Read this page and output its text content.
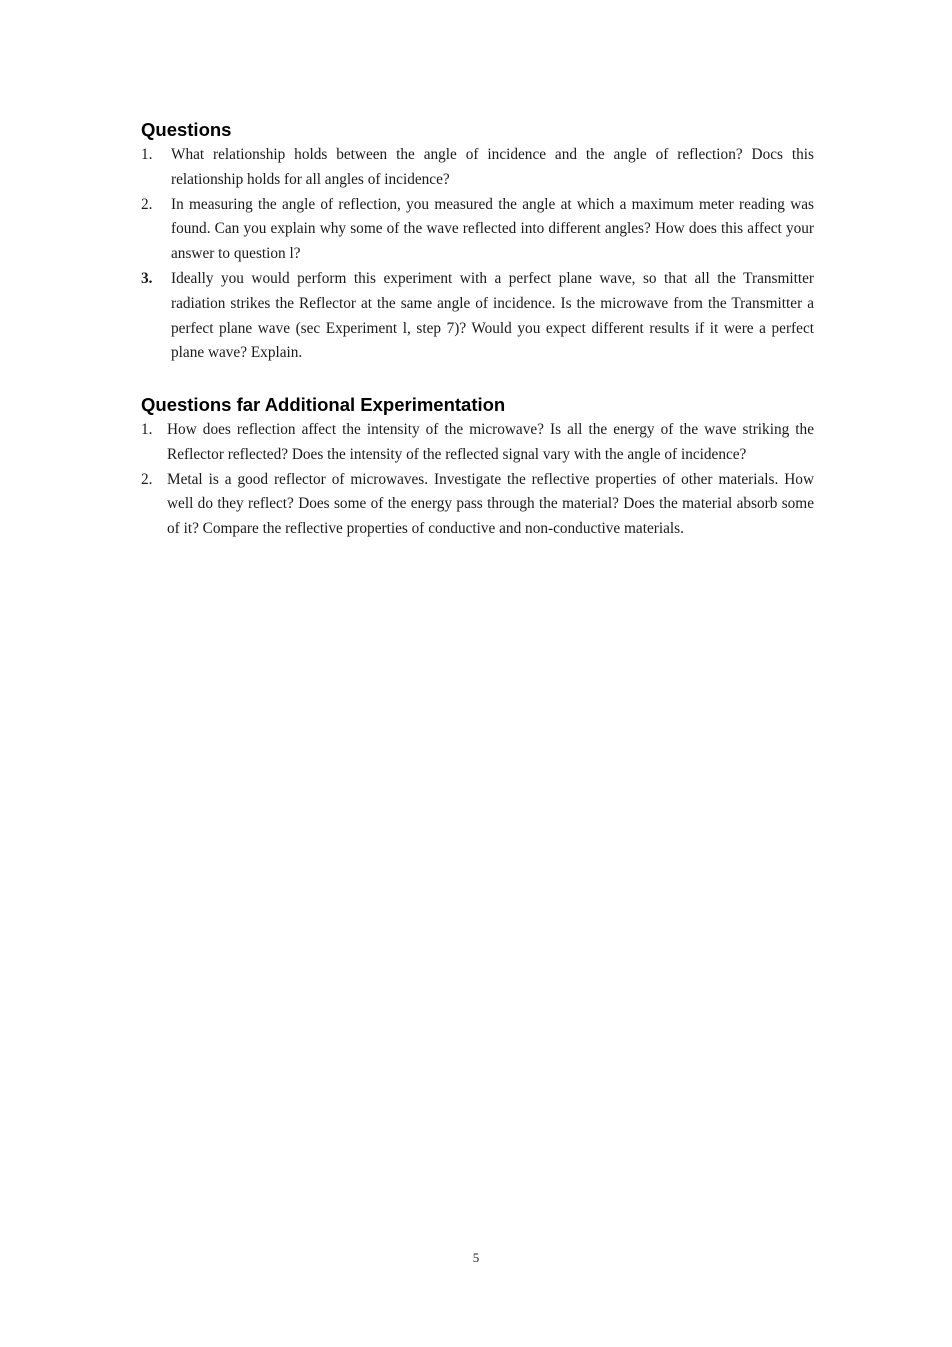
Questions
1. What relationship holds between the angle of incidence and the angle of reflection? Docs this relationship holds for all angles of incidence?
2. In measuring the angle of reflection, you measured the angle at which a maximum meter reading was found. Can you explain why some of the wave reflected into different angles? How does this affect your answer to question l?
3. Ideally you would perform this experiment with a perfect plane wave, so that all the Transmitter radiation strikes the Reflector at the same angle of incidence. Is the microwave from the Transmitter a perfect plane wave (sec Experiment l, step 7)? Would you expect different results if it were a perfect plane wave? Explain.
Questions far Additional Experimentation
1. How does reflection affect the intensity of the microwave? Is all the energy of the wave striking the Reflector reflected? Does the intensity of the reflected signal vary with the angle of incidence?
2. Metal is a good reflector of microwaves. Investigate the reflective properties of other materials. How well do they reflect? Does some of the energy pass through the material? Does the material absorb some of it? Compare the reflective properties of conductive and non-conductive materials.
5
